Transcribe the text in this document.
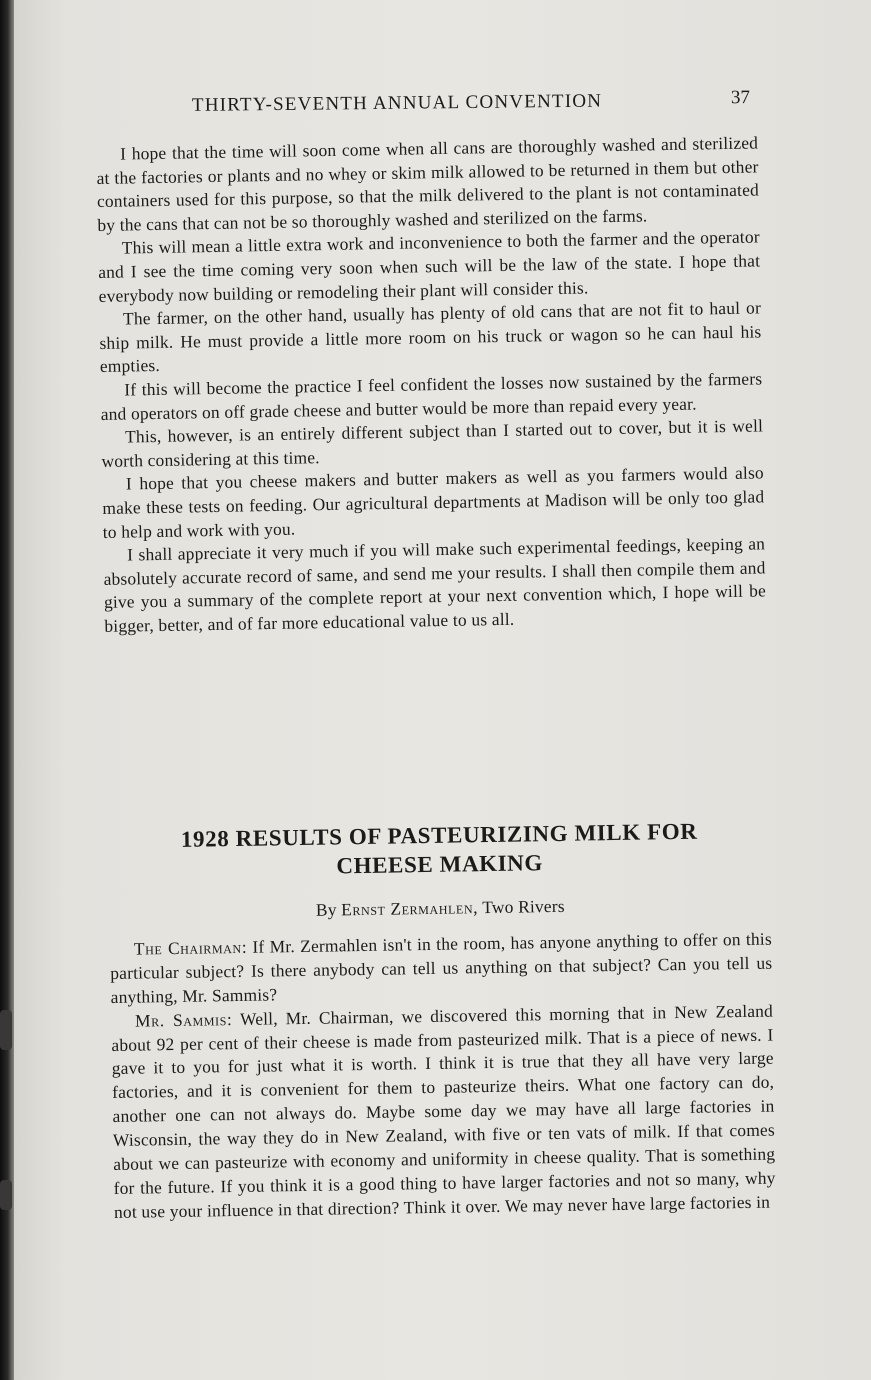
THIRTY-SEVENTH ANNUAL CONVENTION	37

I hope that the time will soon come when all cans are thoroughly washed and sterilized at the factories or plants and no whey or skim milk allowed to be returned in them but other containers used for this purpose, so that the milk delivered to the plant is not contaminated by the cans that can not be so thoroughly washed and sterilized on the farms.

This will mean a little extra work and inconvenience to both the farmer and the operator and I see the time coming very soon when such will be the law of the state. I hope that everybody now building or remodeling their plant will consider this.

The farmer, on the other hand, usually has plenty of old cans that are not fit to haul or ship milk. He must provide a little more room on his truck or wagon so he can haul his empties.

If this will become the practice I feel confident the losses now sustained by the farmers and operators on off grade cheese and butter would be more than repaid every year.

This, however, is an entirely different subject than I started out to cover, but it is well worth considering at this time.

I hope that you cheese makers and butter makers as well as you farmers would also make these tests on feeding. Our agricultural departments at Madison will be only too glad to help and work with you.

I shall appreciate it very much if you will make such experimental feedings, keeping an absolutely accurate record of same, and send me your results. I shall then compile them and give you a summary of the complete report at your next convention which, I hope will be bigger, better, and of far more educational value to us all.

1928 RESULTS OF PASTEURIZING MILK FOR
CHEESE MAKING
By Ernst Zermahlen, Two Rivers

The Chairman: If Mr. Zermahlen isn't in the room, has anyone anything to offer on this particular subject? Is there anybody can tell us anything on that subject? Can you tell us anything, Mr. Sammis?

Mr. Sammis: Well, Mr. Chairman, we discovered this morning that in New Zealand about 92 per cent of their cheese is made from pasteurized milk. That is a piece of news. I gave it to you for just what it is worth. I think it is true that they all have very large factories, and it is convenient for them to pasteurize theirs. What one factory can do, another one can not always do. Maybe some day we may have all large factories in Wisconsin, the way they do in New Zealand, with five or ten vats of milk. If that comes about we can pasteurize with economy and uniformity in cheese quality. That is something for the future. If you think it is a good thing to have larger factories and not so many, why not use your influence in that direction? Think it over. We may never have large factories in
